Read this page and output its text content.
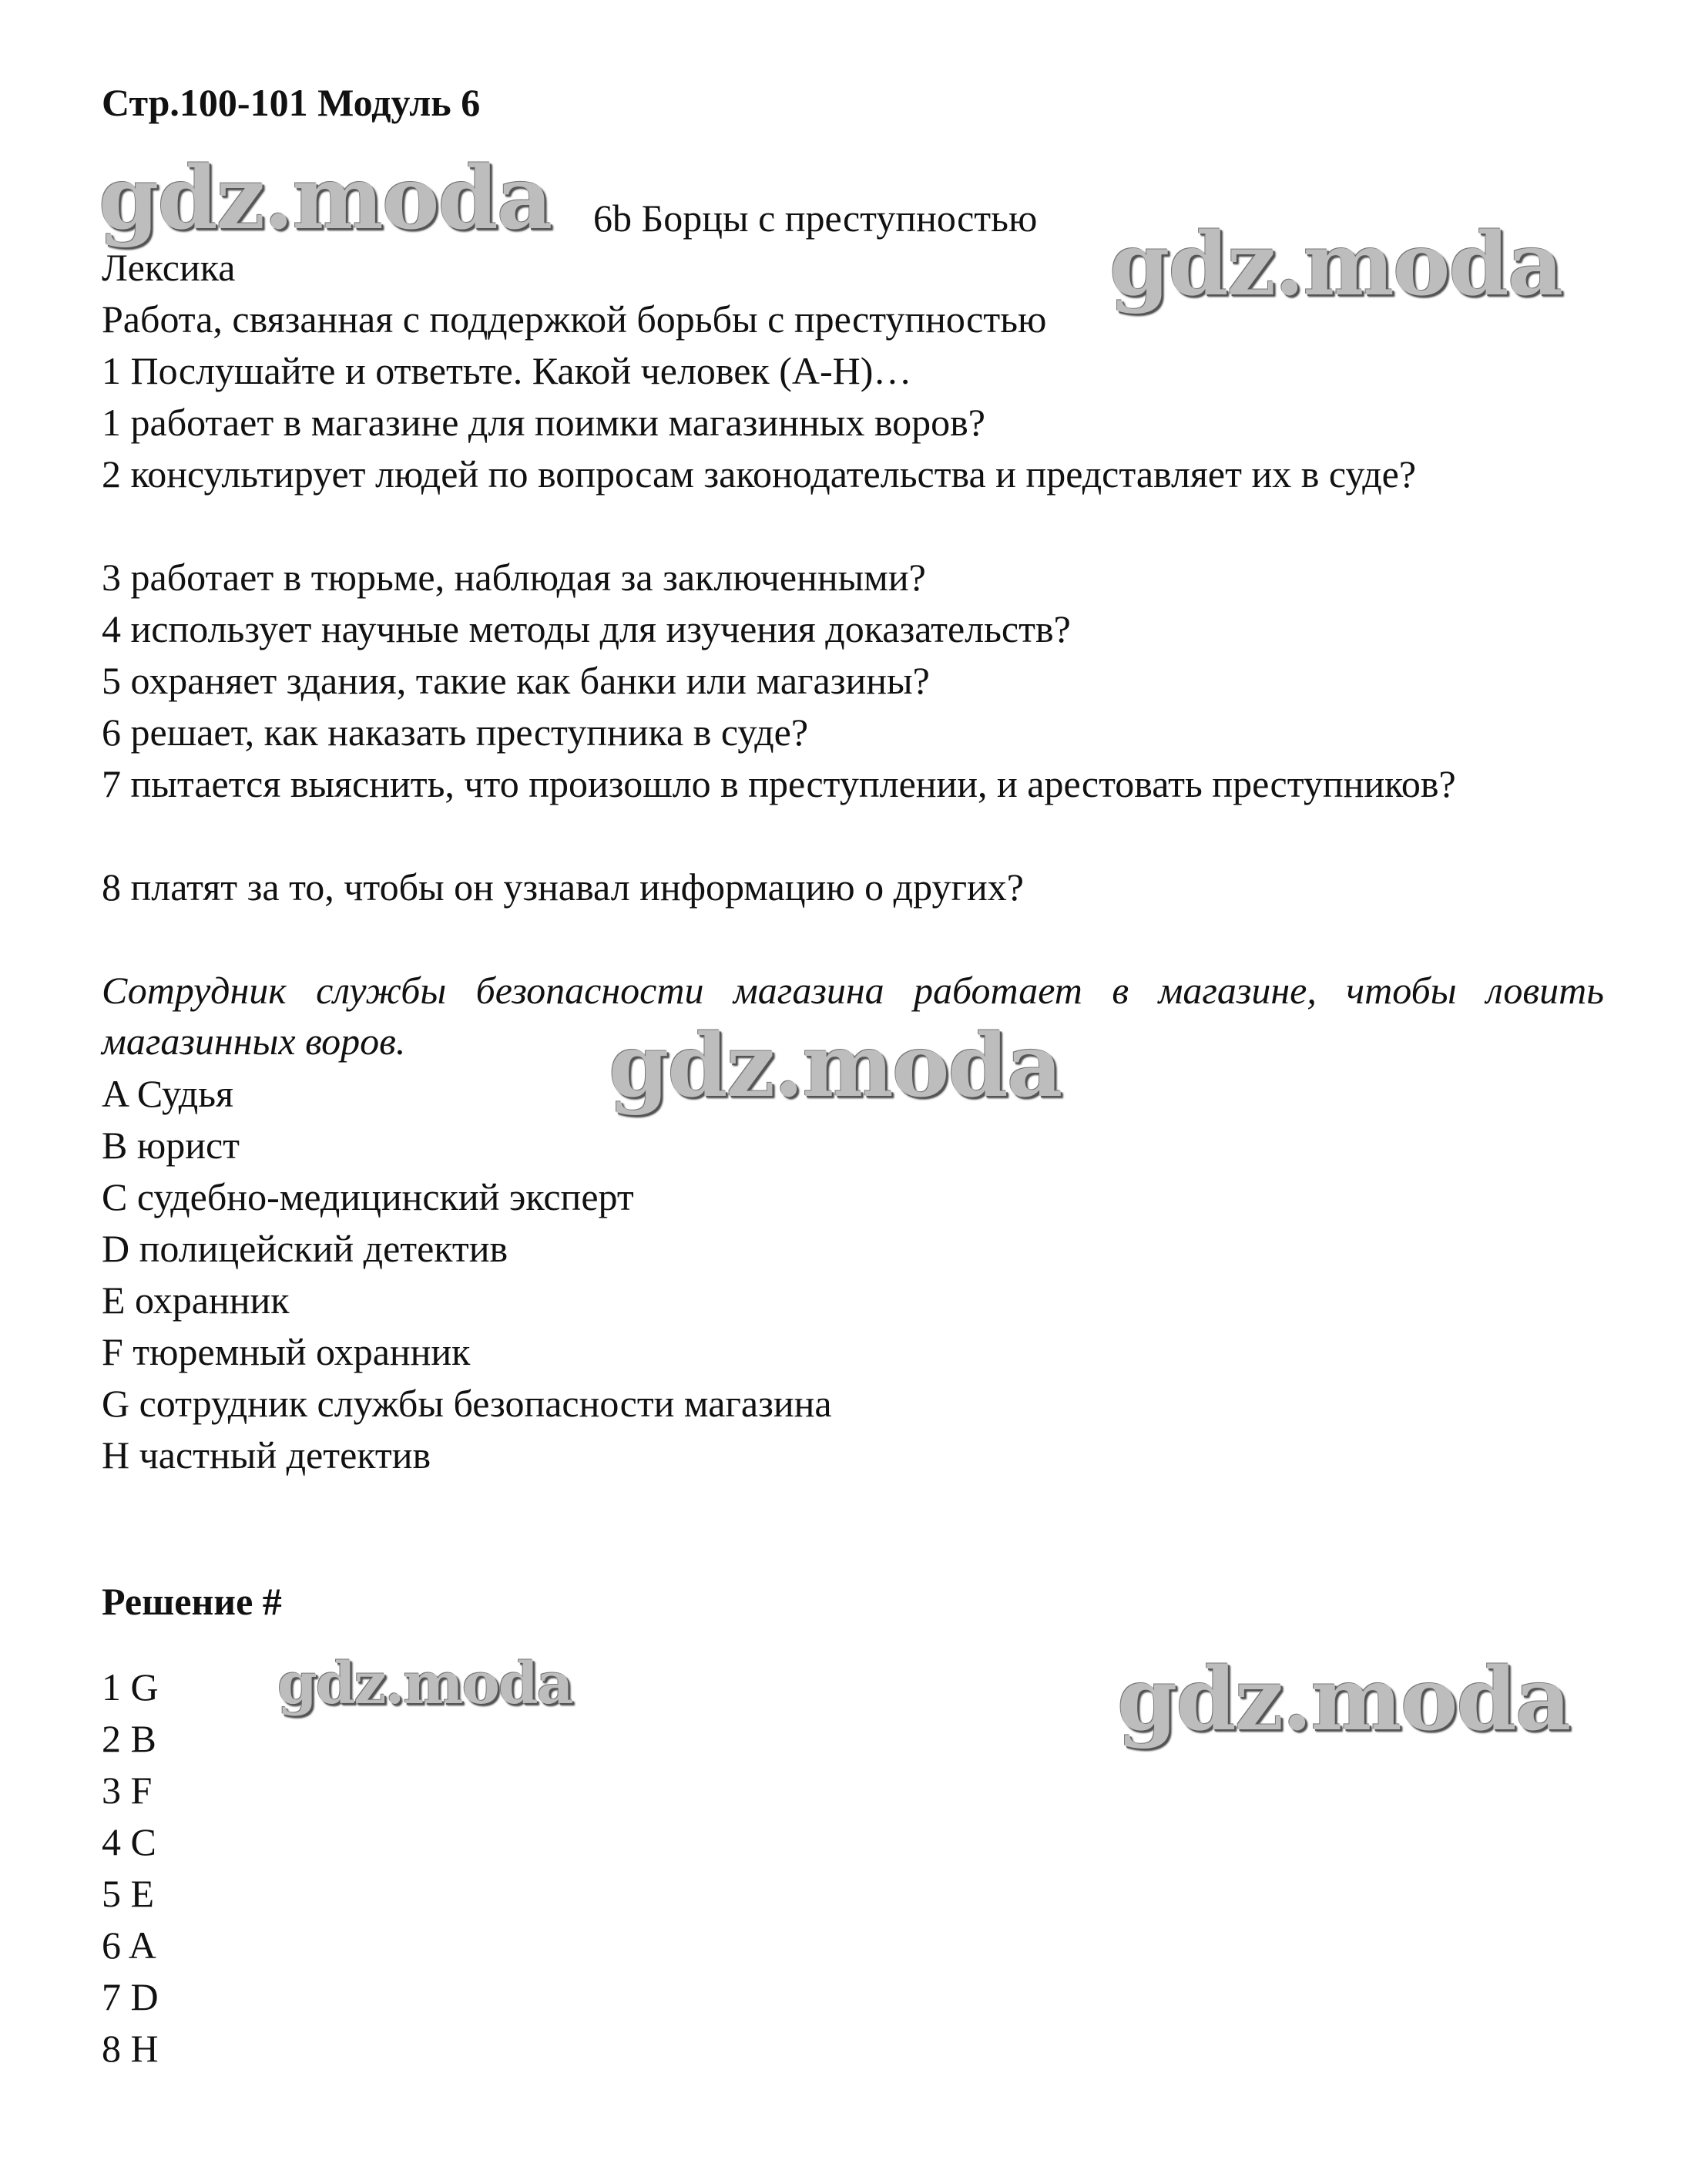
Стр.100-101 Модуль 6
6b Борцы с преступностью
Лексика
Работа, связанная с поддержкой борьбы с преступностью
1 Послушайте и ответьте. Какой человек (A-H)…
1 работает в магазине для поимки магазинных воров?
2 консультирует людей по вопросам законодательства и представляет их в суде?
3 работает в тюрьме, наблюдая за заключенными?
4 использует научные методы для изучения доказательств?
5 охраняет здания, такие как банки или магазины?
6 решает, как наказать преступника в суде?
7 пытается выяснить, что произошло в преступлении, и арестовать преступников?
8 платят за то, чтобы он узнавал информацию о других?
Сотрудник службы безопасности магазина работает в магазине, чтобы ловить магазинных воров.
A Судья
B юрист
C судебно-медицинский эксперт
D полицейский детектив
E охранник
F тюремный охранник
G сотрудник службы безопасности магазина
H частный детектив
Решение #
1 G
2 B
3 F
4 C
5 E
6 A
7 D
8 H
gdz.moda
gdz.moda
gdz.moda
gdz.moda	gdz.moda
